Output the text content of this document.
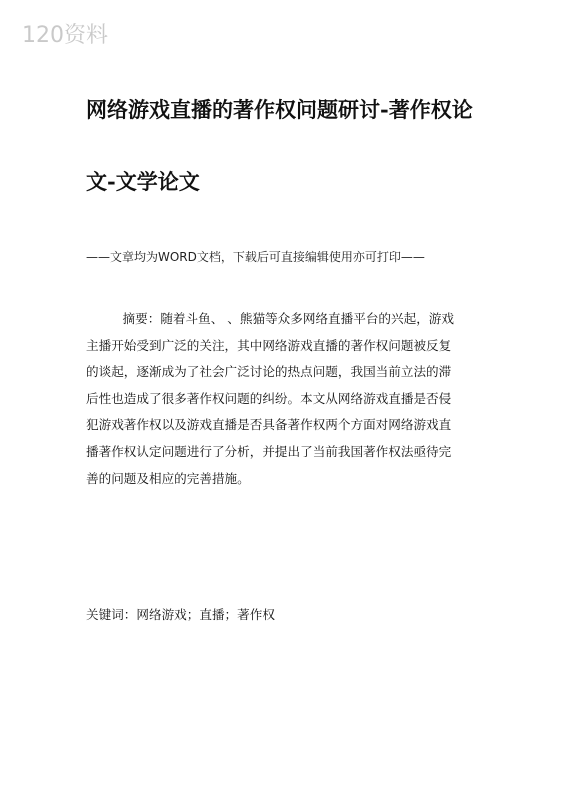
120资料
网络游戏直播的著作权问题研讨-著作权论
文-文学论文
——文章均为WORD文档，下载后可直接编辑使用亦可打印——

摘要：随着斗鱼、 、熊猫等众多网络直播平台的兴起，游戏
主播开始受到广泛的关注，其中网络游戏直播的著作权问题被反复
的谈起，逐渐成为了社会广泛讨论的热点问题，我国当前立法的滞
后性也造成了很多著作权问题的纠纷。本文从网络游戏直播是否侵
犯游戏著作权以及游戏直播是否具备著作权两个方面对网络游戏直
播著作权认定问题进行了分析，并提出了当前我国著作权法亟待完
善的问题及相应的完善措施。

关键词：网络游戏；直播；著作权
